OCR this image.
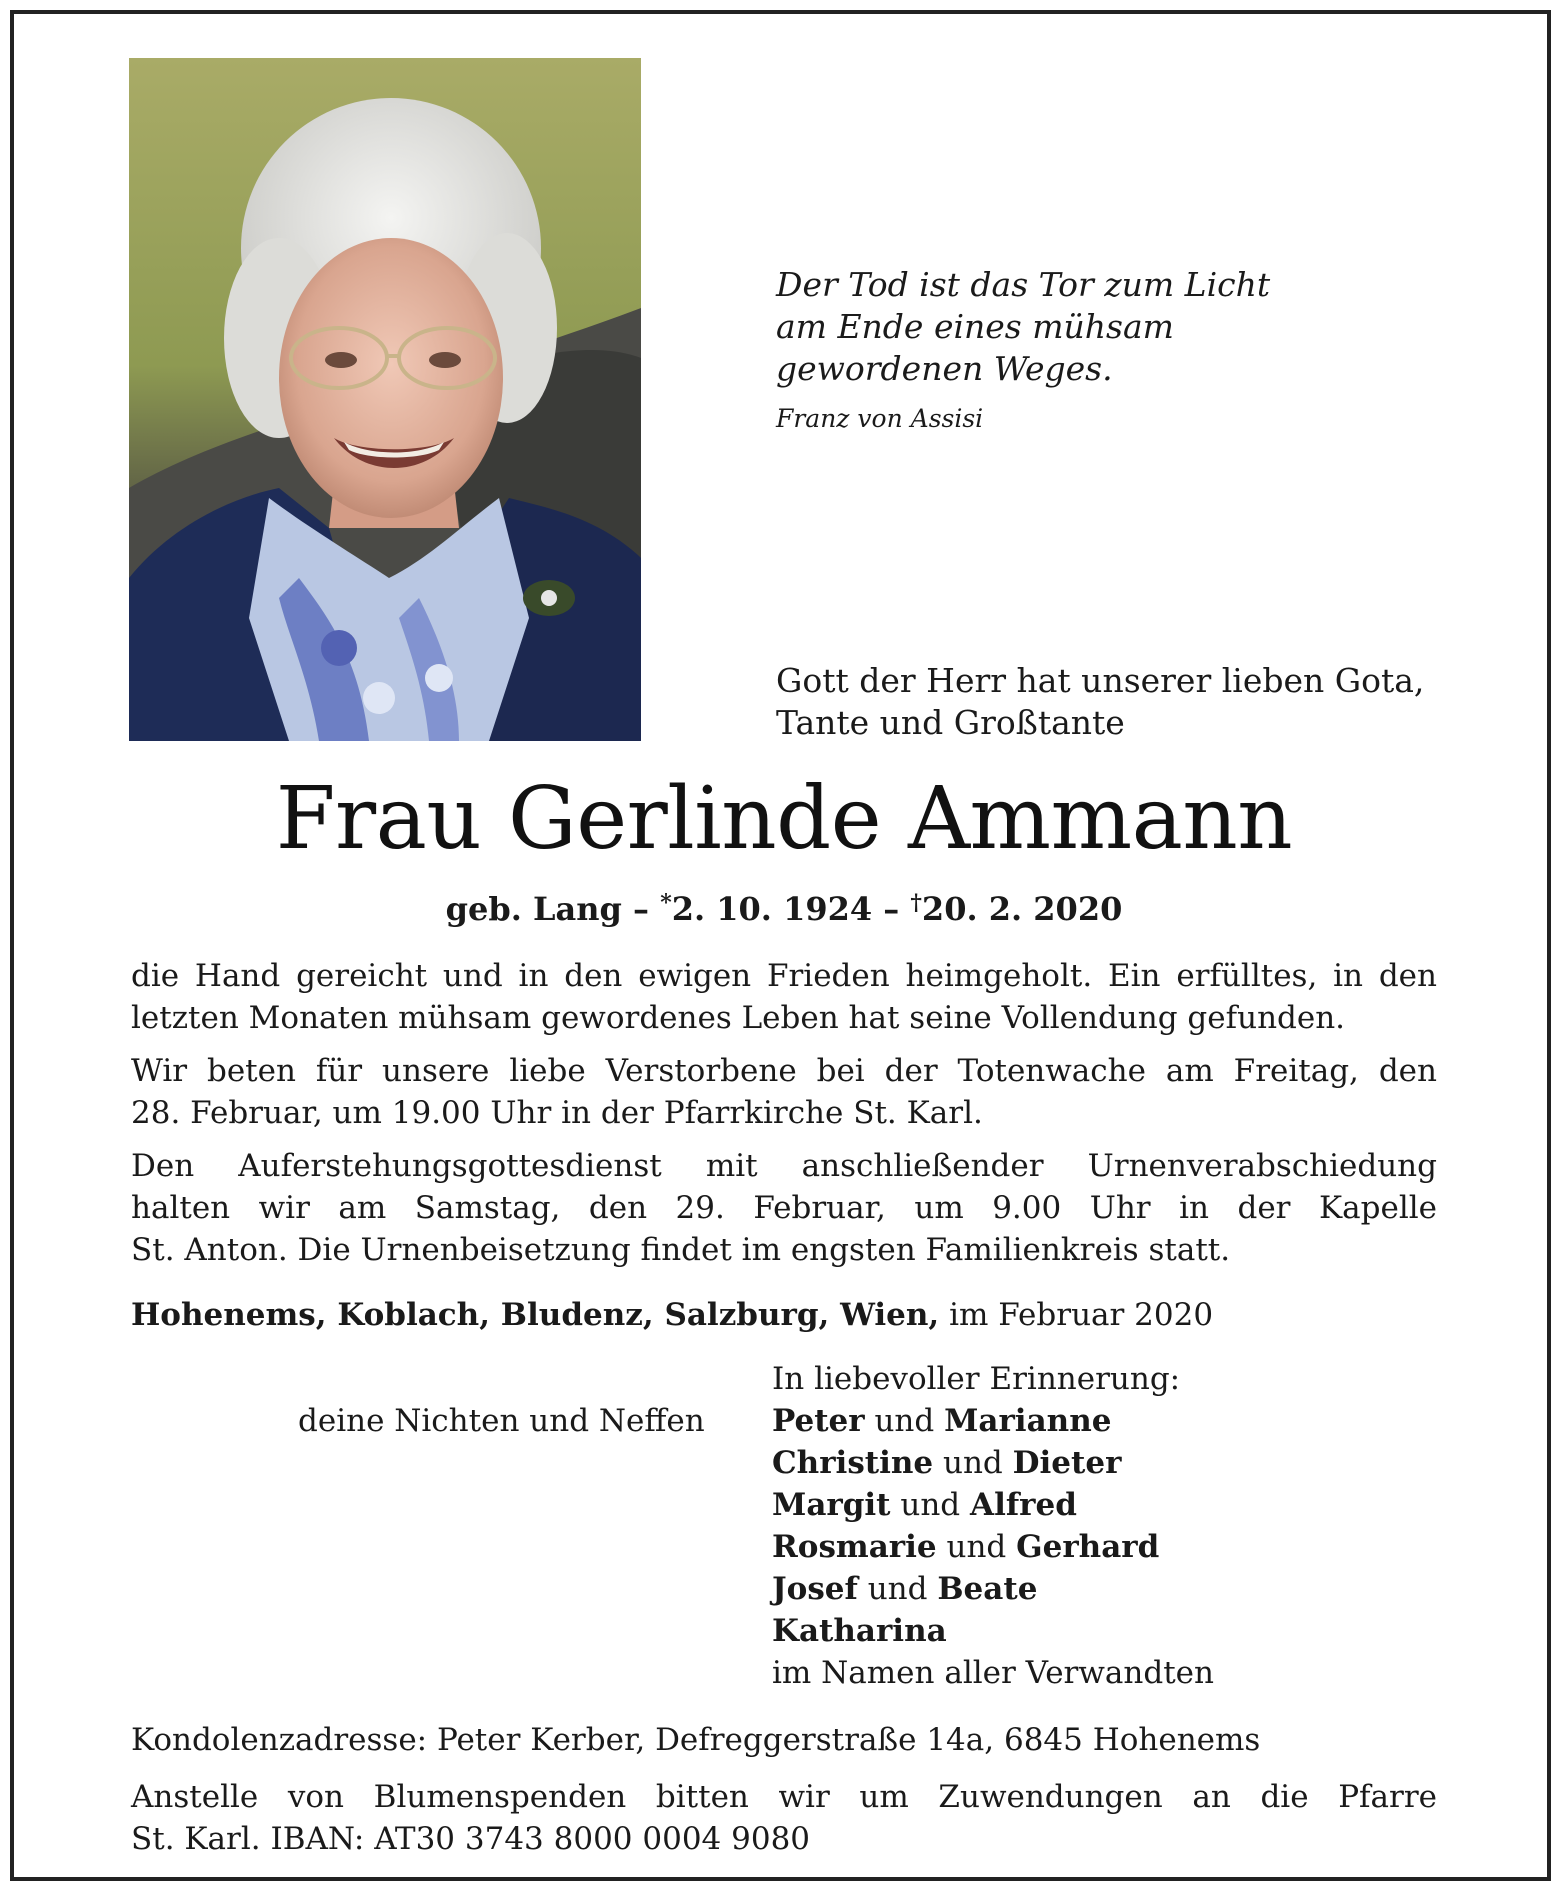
Der Tod ist das Tor zum Licht
am Ende eines mühsam
gewordenen Weges.
Franz von Assisi
Gott der Herr hat unserer lieben Gota,
Tante und Großtante
Frau Gerlinde Ammann
geb. Lang – *2. 10. 1924 – †20. 2. 2020
die Hand gereicht und in den ewigen Frieden heimgeholt. Ein erfülltes, in den
letzten Monaten mühsam gewordenes Leben hat seine Vollendung gefunden.
Wir beten für unsere liebe Verstorbene bei der Totenwache am Freitag, den
28. Februar, um 19.00 Uhr in der Pfarrkirche St. Karl.
Den Auferstehungsgottesdienst mit anschließender Urnenverabschiedung
halten wir am Samstag, den 29. Februar, um 9.00 Uhr in der Kapelle
St. Anton. Die Urnenbeisetzung findet im engsten Familienkreis statt.
Hohenems, Koblach, Bludenz, Salzburg, Wien, im Februar 2020
In liebevoller Erinnerung:
deine Nichten und Neffen Peter und Marianne
Christine und Dieter
Margit und Alfred
Rosmarie und Gerhard
Josef und Beate
Katharina
im Namen aller Verwandten
Kondolenzadresse: Peter Kerber, Defreggerstraße 14a, 6845 Hohenems
Anstelle von Blumenspenden bitten wir um Zuwendungen an die Pfarre
St. Karl. IBAN: AT30 3743 8000 0004 9080
